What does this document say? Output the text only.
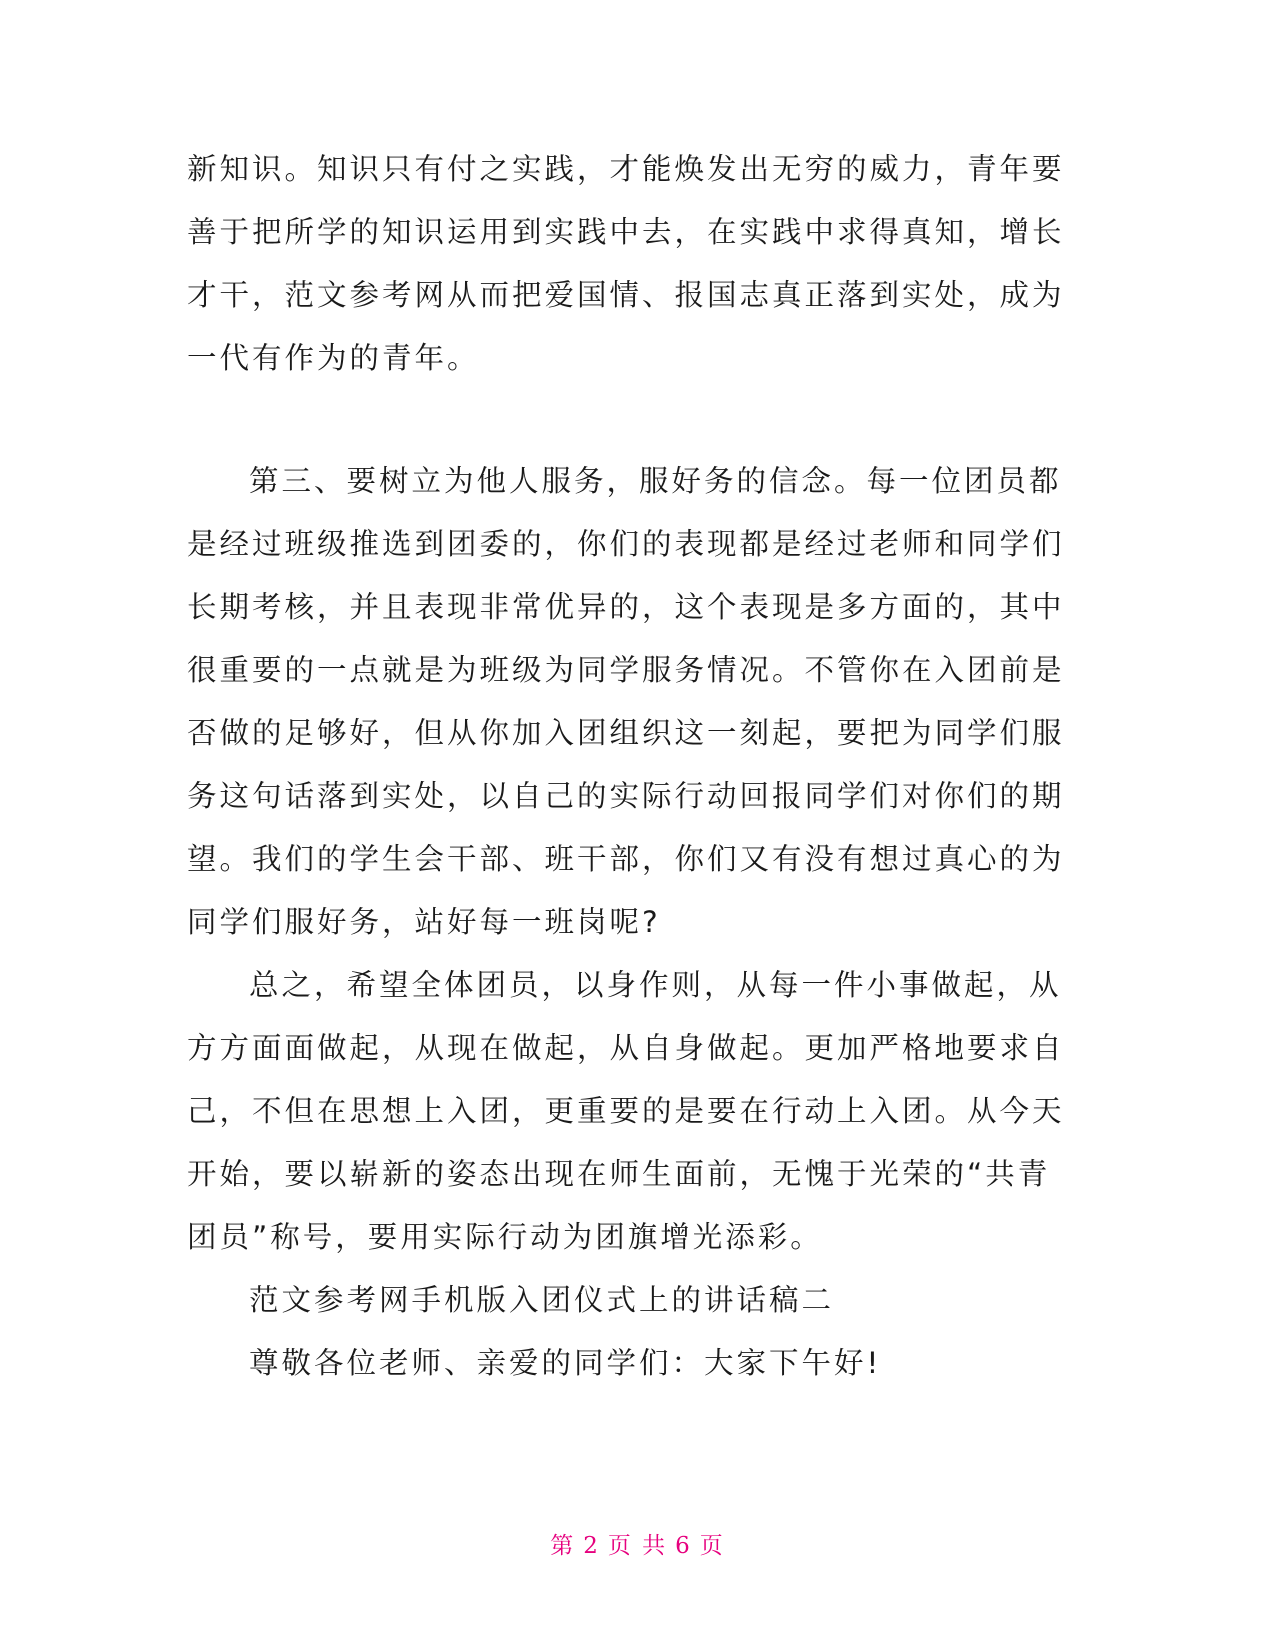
新知识。知识只有付之实践，才能焕发出无穷的威力，青年要
善于把所学的知识运用到实践中去，在实践中求得真知，增长
才干，范文参考网从而把爱国情、报国志真正落到实处，成为
一代有作为的青年。
第三、要树立为他人服务，服好务的信念。每一位团员都
是经过班级推选到团委的，你们的表现都是经过老师和同学们
长期考核，并且表现非常优异的，这个表现是多方面的，其中
很重要的一点就是为班级为同学服务情况。不管你在入团前是
否做的足够好，但从你加入团组织这一刻起，要把为同学们服
务这句话落到实处，以自己的实际行动回报同学们对你们的期
望。我们的学生会干部、班干部，你们又有没有想过真心的为
同学们服好务，站好每一班岗呢?
总之，希望全体团员，以身作则，从每一件小事做起，从
方方面面做起，从现在做起，从自身做起。更加严格地要求自
己，不但在思想上入团，更重要的是要在行动上入团。从今天
开始，要以崭新的姿态出现在师生面前，无愧于光荣的“共青
团员”称号，要用实际行动为团旗增光添彩。
范文参考网手机版入团仪式上的讲话稿二
尊敬各位老师、亲爱的同学们：大家下午好!
第 2 页 共 6 页
